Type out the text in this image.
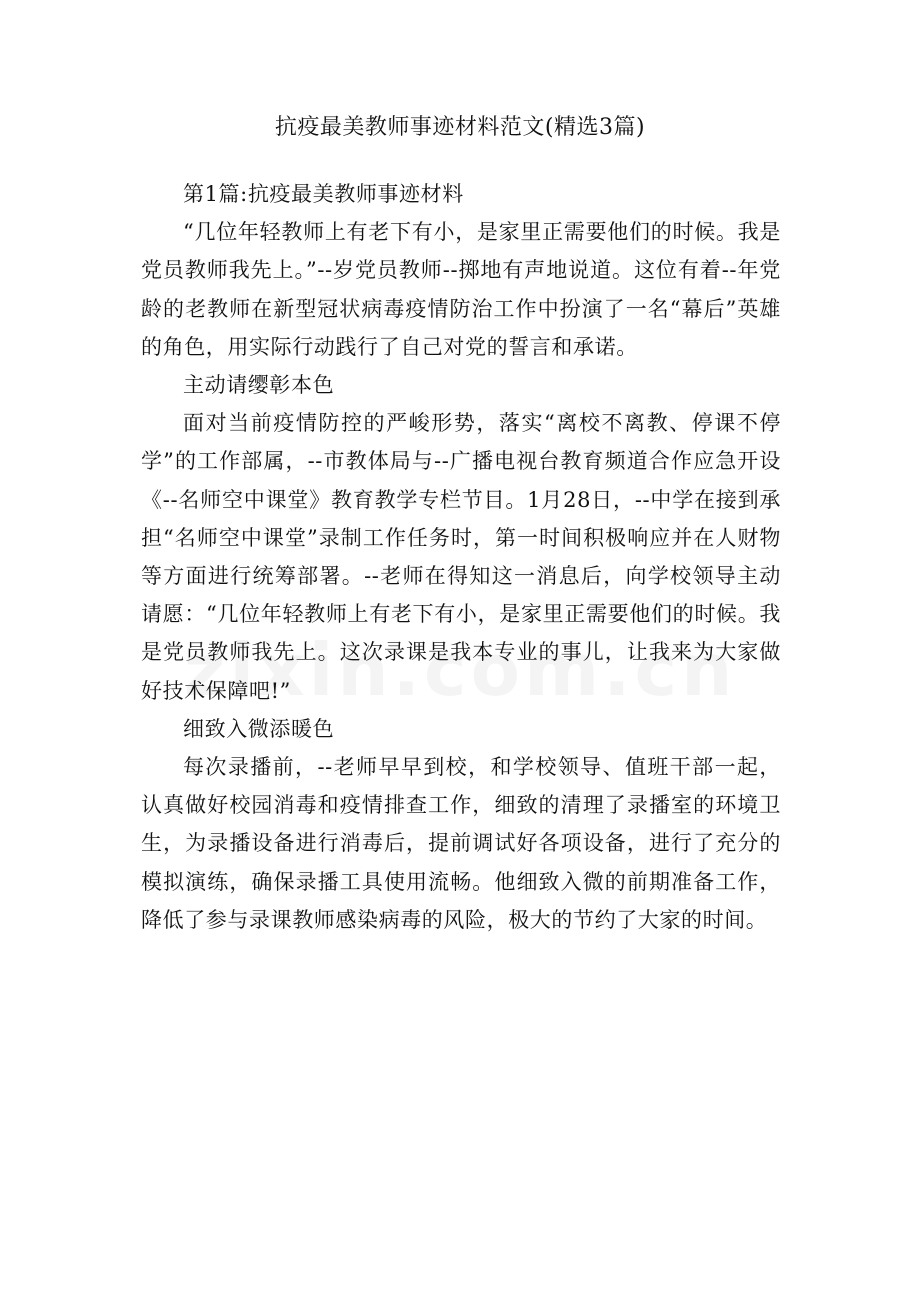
抗疫最美教师事迹材料范文(精选3篇)

第1篇:抗疫最美教师事迹材料

“几位年轻教师上有老下有小，是家里正需要他们的时候。我是党员教师我先上。”--岁党员教师--掷地有声地说道。这位有着--年党龄的老教师在新型冠状病毒疫情防治工作中扮演了一名“幕后”英雄的角色，用实际行动践行了自己对党的誓言和承诺。

主动请缨彰本色

面对当前疫情防控的严峻形势，落实“离校不离教、停课不停学”的工作部属，--市教体局与--广播电视台教育频道合作应急开设《--名师空中课堂》教育教学专栏节目。1月28日，--中学在接到承担“名师空中课堂”录制工作任务时，第一时间积极响应并在人财物等方面进行统筹部署。--老师在得知这一消息后，向学校领导主动请愿：“几位年轻教师上有老下有小，是家里正需要他们的时候。我是党员教师我先上。这次录课是我本专业的事儿，让我来为大家做好技术保障吧!”

细致入微添暖色

每次录播前，--老师早早到校，和学校领导、值班干部一起，认真做好校园消毒和疫情排查工作，细致的清理了录播室的环境卫生，为录播设备进行消毒后，提前调试好各项设备，进行了充分的模拟演练，确保录播工具使用流畅。他细致入微的前期准备工作，降低了参与录课教师感染病毒的风险，极大的节约了大家的时间。
